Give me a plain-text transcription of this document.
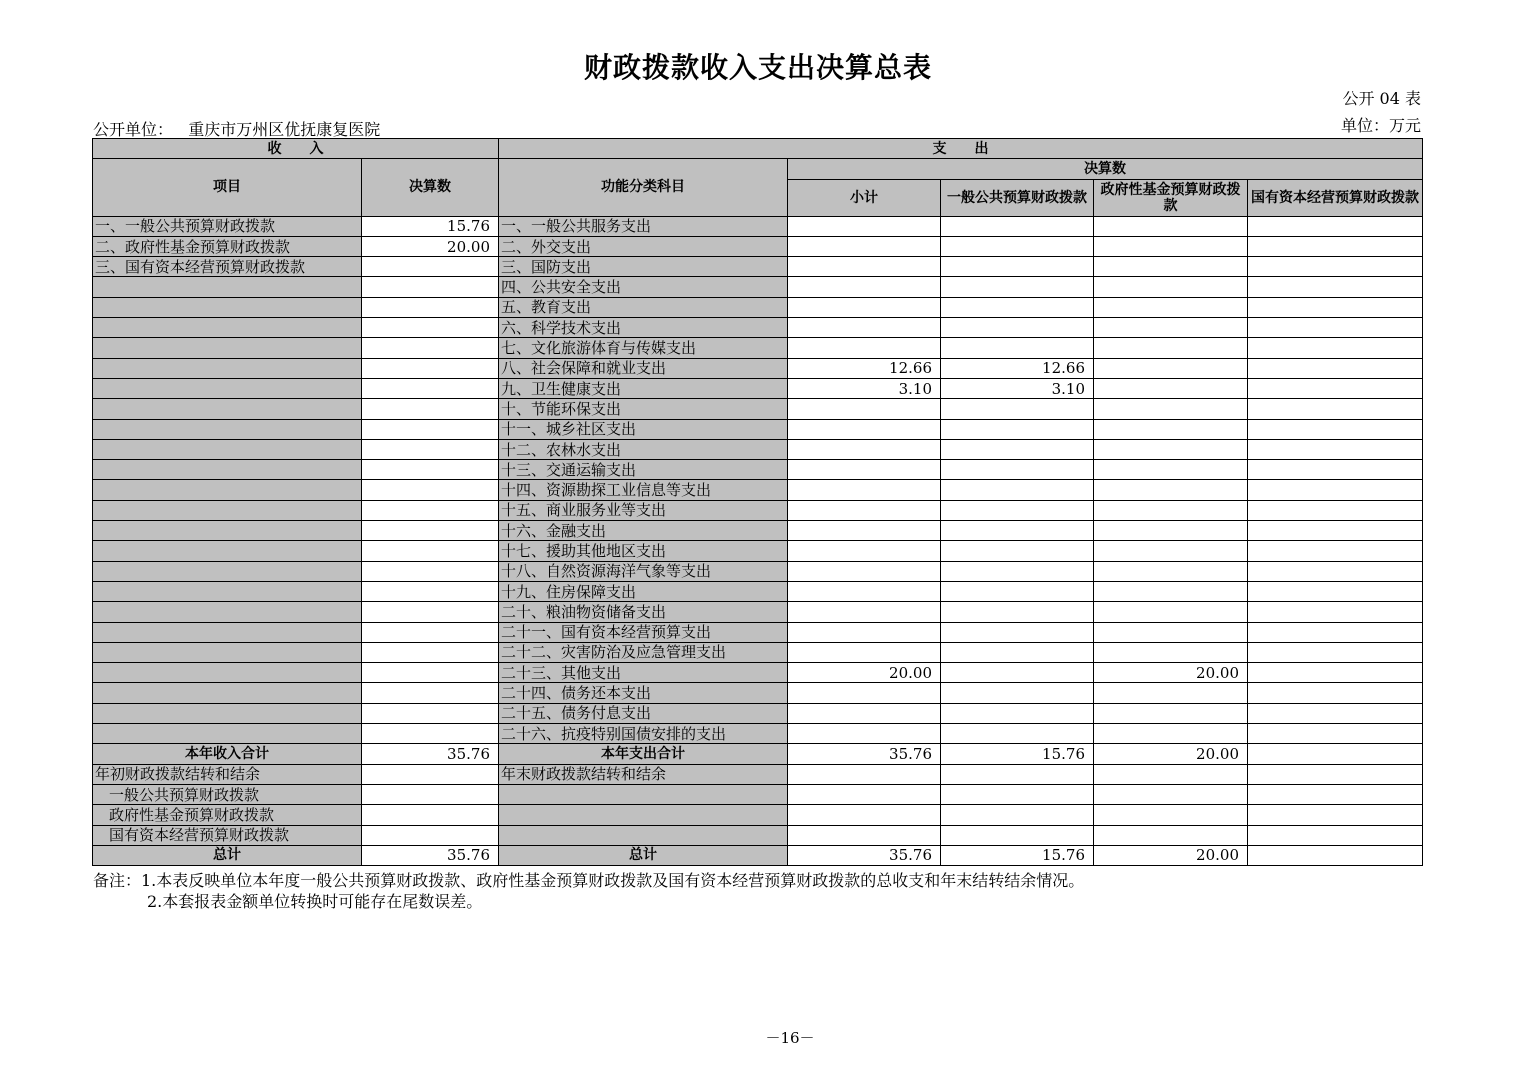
财政拨款收入支出决算总表
公开 04 表
单位：万元
公开单位： 重庆市万州区优抚康复医院
收　　入		支　　出				
项目	决算数	功能分类科目	决算数			
			小计	一般公共预算财政拨款	政府性基金预算财政拨款	国有资本经营预算财政拨款
一、一般公共预算财政拨款	15.76	一、一般公共服务支出				
二、政府性基金预算财政拨款	20.00	二、外交支出				
三、国有资本经营预算财政拨款		三、国防支出				
		四、公共安全支出				
		五、教育支出				
		六、科学技术支出				
		七、文化旅游体育与传媒支出				
		八、社会保障和就业支出	12.66	12.66		
		九、卫生健康支出	3.10	3.10		
		十、节能环保支出				
		十一、城乡社区支出				
		十二、农林水支出				
		十三、交通运输支出				
		十四、资源勘探工业信息等支出				
		十五、商业服务业等支出				
		十六、金融支出				
		十七、援助其他地区支出				
		十八、自然资源海洋气象等支出				
		十九、住房保障支出				
		二十、粮油物资储备支出				
		二十一、国有资本经营预算支出				
		二十二、灾害防治及应急管理支出				
		二十三、其他支出	20.00		20.00	
		二十四、债务还本支出				
		二十五、债务付息支出				
		二十六、抗疫特别国债安排的支出				
本年收入合计	35.76	本年支出合计	35.76	15.76	20.00	
年初财政拨款结转和结余		年末财政拨款结转和结余				
一般公共预算财政拨款						
政府性基金预算财政拨款						
国有资本经营预算财政拨款						
总计	35.76	总计	35.76	15.76	20.00	
备注：1.本表反映单位本年度一般公共预算财政拨款、政府性基金预算财政拨款及国有资本经营预算财政拨款的总收支和年末结转结余情况。
2.本套报表金额单位转换时可能存在尾数误差。
－16－
